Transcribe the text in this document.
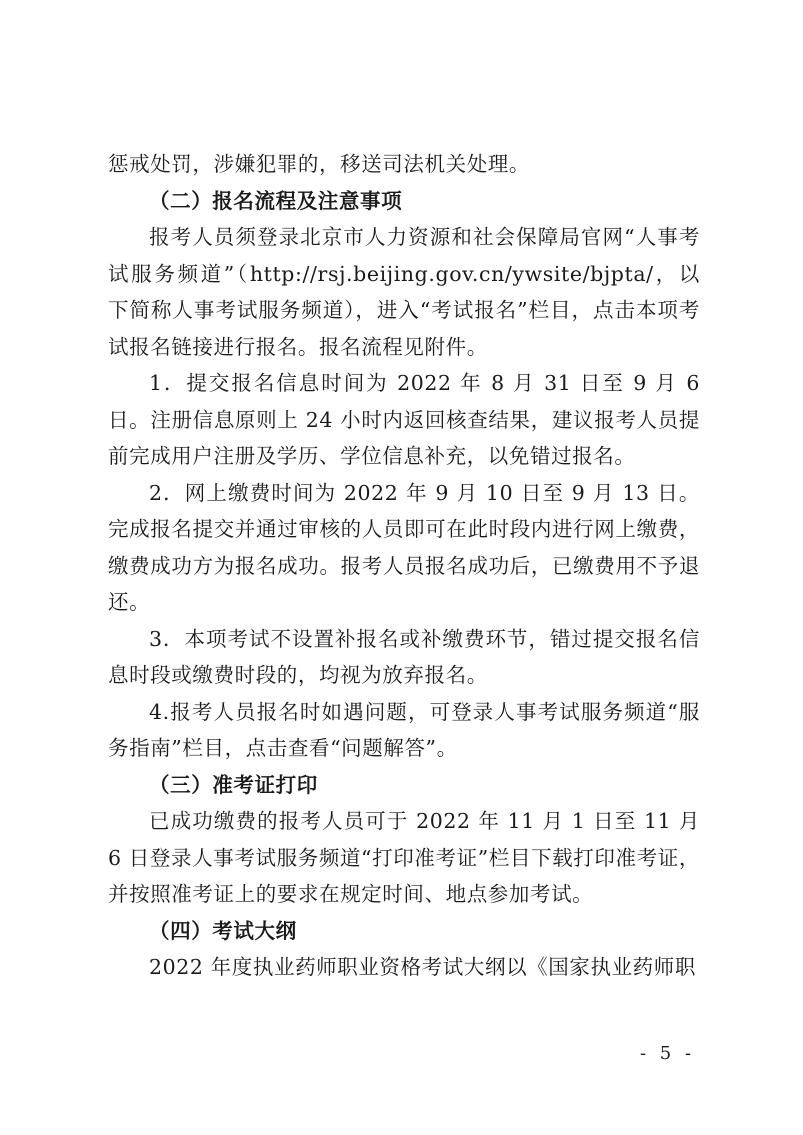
惩戒处罚，涉嫌犯罪的，移送司法机关处理。

（二）报名流程及注意事项

报考人员须登录北京市人力资源和社会保障局官网“人事考试服务频道”（http://rsj.beijing.gov.cn/ywsite/bjpta/，以下简称人事考试服务频道），进入“考试报名”栏目，点击本项考试报名链接进行报名。报名流程见附件。

1．提交报名信息时间为 2022 年 8 月 31 日至 9 月 6 日。注册信息原则上 24 小时内返回核查结果，建议报考人员提前完成用户注册及学历、学位信息补充，以免错过报名。

2．网上缴费时间为 2022 年 9 月 10 日至 9 月 13 日。完成报名提交并通过审核的人员即可在此时段内进行网上缴费，缴费成功方为报名成功。报考人员报名成功后，已缴费用不予退还。

3．本项考试不设置补报名或补缴费环节，错过提交报名信息时段或缴费时段的，均视为放弃报名。

4.报考人员报名时如遇问题，可登录人事考试服务频道“服务指南”栏目，点击查看“问题解答”。

（三）准考证打印

已成功缴费的报考人员可于 2022 年 11 月 1 日至 11 月 6 日登录人事考试服务频道“打印准考证”栏目下载打印准考证，并按照准考证上的要求在规定时间、地点参加考试。

（四）考试大纲

2022 年度执业药师职业资格考试大纲以《国家执业药师职

- 5 -
